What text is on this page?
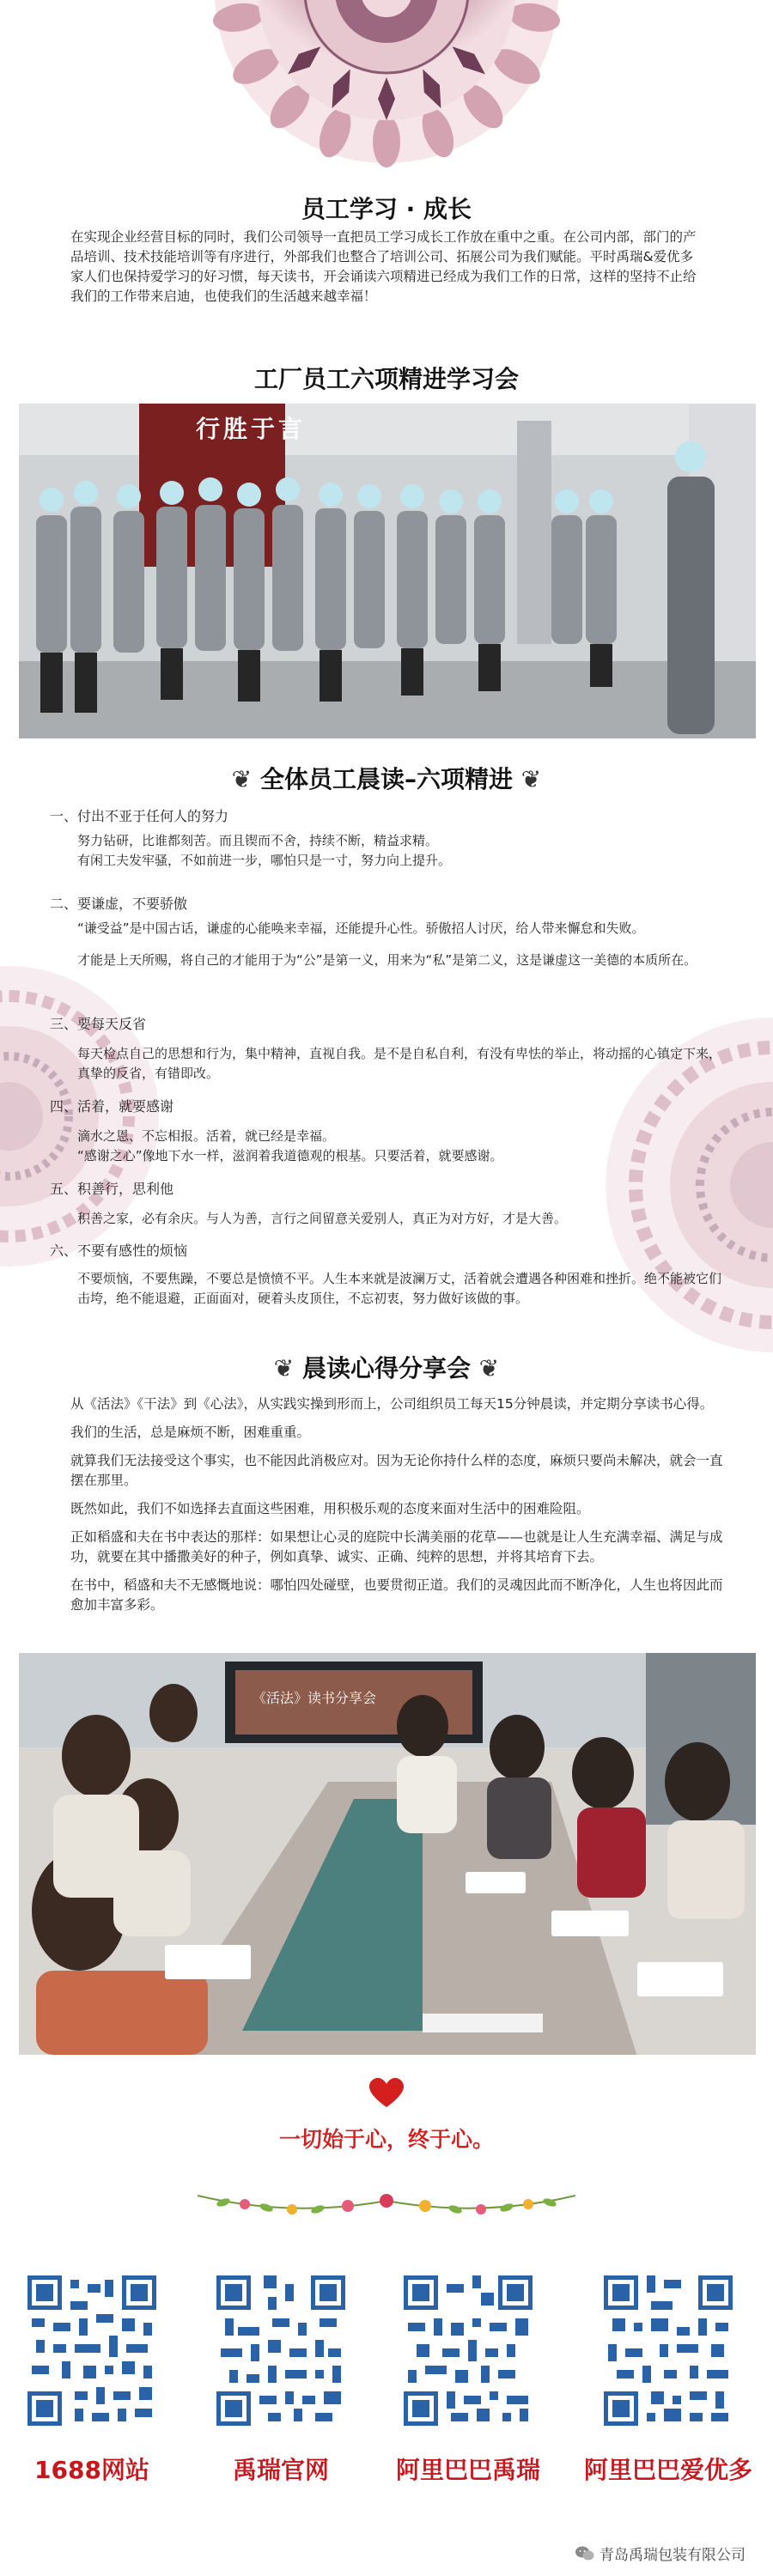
员工学习 · 成长
在实现企业经营目标的同时，我们公司领导一直把员工学习成长工作放在重中之重。在公司内部，部门的产品培训、技术技能培训等有序进行，外部我们也整合了培训公司、拓展公司为我们赋能。平时禹瑞&爱优多家人们也保持爱学习的好习惯，每天读书，开会诵读六项精进已经成为我们工作的日常，这样的坚持不止给我们的工作带来启迪，也使我们的生活越来越幸福！
工厂员工六项精进学习会
行胜于言
❦ 全体员工晨读–六项精进 ❦
一、付出不亚于任何人的努力
努力钻研，比谁都刻苦。而且锲而不舍，持续不断，精益求精。
有闲工夫发牢骚，不如前进一步，哪怕只是一寸，努力向上提升。
二、要谦虚，不要骄傲
“谦受益”是中国古话，谦虚的心能唤来幸福，还能提升心性。骄傲招人讨厌，给人带来懈怠和失败。
才能是上天所赐，将自己的才能用于为“公”是第一义，用来为“私”是第二义，这是谦虚这一美德的本质所在。
三、要每天反省
每天检点自己的思想和行为，集中精神，直视自我。是不是自私自利，有没有卑怯的举止，将动摇的心镇定下来，真挚的反省，有错即改。
四、活着，就要感谢
滴水之恩、不忘相报。活着，就已经是幸福。
“感谢之心”像地下水一样，滋润着我道德观的根基。只要活着，就要感谢。
五、积善行，思利他
积善之家，必有余庆。与人为善，言行之间留意关爱别人，真正为对方好，才是大善。
六、不要有感性的烦恼
不要烦恼，不要焦躁，不要总是愤愤不平。人生本来就是波澜万丈，活着就会遭遇各种困难和挫折。绝不能被它们击垮，绝不能退避，正面面对，硬着头皮顶住，不忘初衷，努力做好该做的事。
❦ 晨读心得分享会 ❦
从《活法》《干法》到《心法》，从实践实操到形而上，公司组织员工每天15分钟晨读，并定期分享读书心得。
我们的生活，总是麻烦不断，困难重重。
就算我们无法接受这个事实，也不能因此消极应对。因为无论你持什么样的态度，麻烦只要尚未解决，就会一直摆在那里。
既然如此，我们不如选择去直面这些困难，用积极乐观的态度来面对生活中的困难险阻。
正如稻盛和夫在书中表达的那样：如果想让心灵的庭院中长满美丽的花草——也就是让人生充满幸福、满足与成功，就要在其中播撒美好的种子，例如真挚、诚实、正确、纯粹的思想，并将其培育下去。
在书中，稻盛和夫不无感慨地说：哪怕四处碰壁，也要贯彻正道。我们的灵魂因此而不断净化，人生也将因此而愈加丰富多彩。
《活法》读书分享会
一切始于心，终于心。
1688网站	禹瑞官网	阿里巴巴禹瑞	阿里巴巴爱优多
青岛禹瑞包装有限公司
